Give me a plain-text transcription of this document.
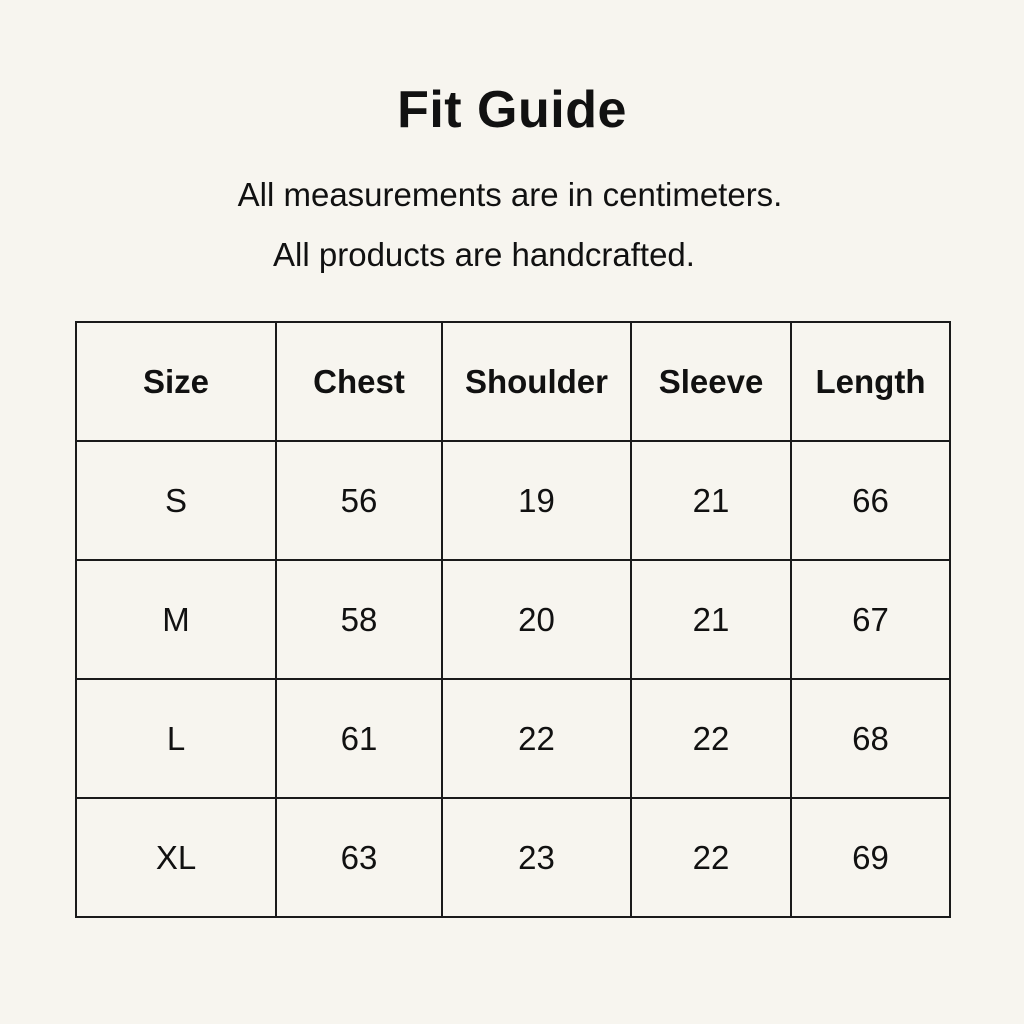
Fit Guide
All measurements are in centimeters.
All products are handcrafted.
Size	Chest	Shoulder	Sleeve	Length
S	56	19	21	66
M	58	20	21	67
L	61	22	22	68
XL	63	23	22	69
